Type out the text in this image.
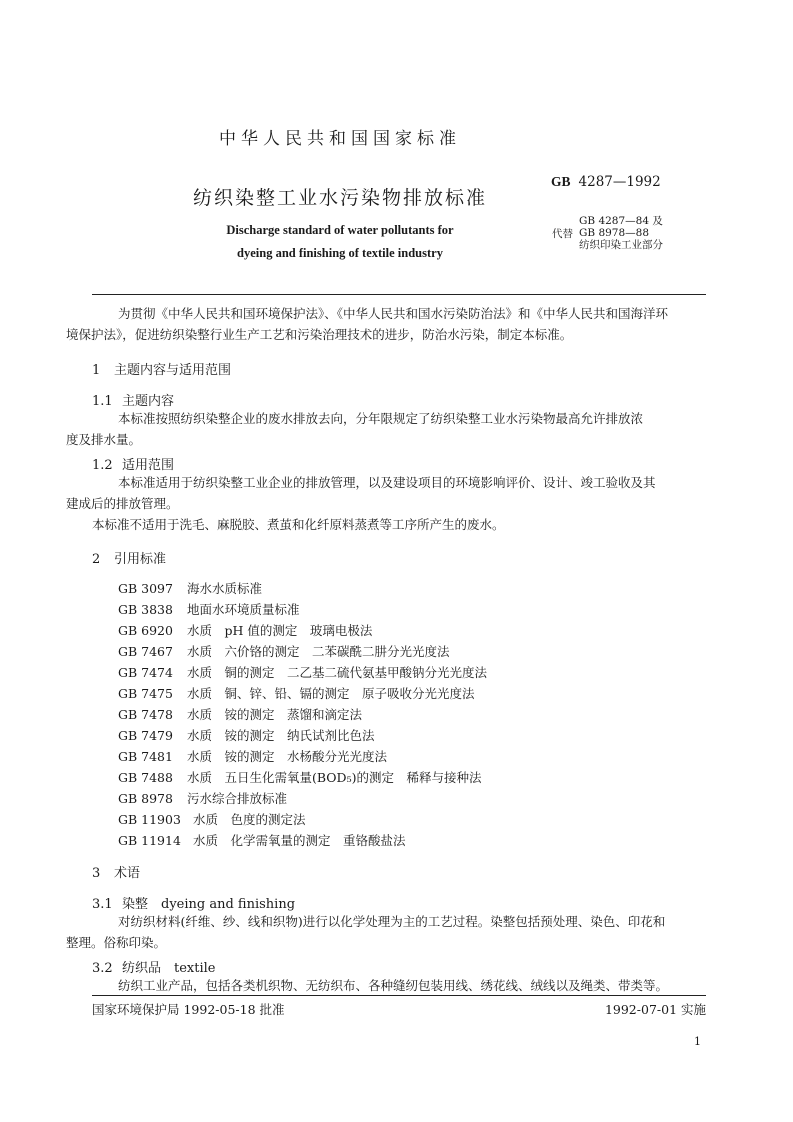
中华人民共和国国家标准
GB 4287—1992
纺织染整工业水污染物排放标准
Discharge standard of water pollutants for
dyeing and finishing of textile industry
代替
GB 4287—84 及
GB 8978—88
纺织印染工业部分
为贯彻《中华人民共和国环境保护法》、《中华人民共和国水污染防治法》和《中华人民共和国海洋环
境保护法》，促进纺织染整行业生产工艺和污染治理技术的进步，防治水污染，制定本标准。
1 主题内容与适用范围
1.1 主题内容
本标准按照纺织染整企业的废水排放去向，分年限规定了纺织染整工业水污染物最高允许排放浓
度及排水量。
1.2 适用范围
本标准适用于纺织染整工业企业的排放管理，以及建设项目的环境影响评价、设计、竣工验收及其
建成后的排放管理。
本标准不适用于洗毛、麻脱胶、煮茧和化纤原料蒸煮等工序所产生的废水。
2 引用标准
GB 3097 海水水质标准
GB 3838 地面水环境质量标准
GB 6920 水质　pH 值的测定　玻璃电极法
GB 7467 水质　六价铬的测定　二苯碳酰二肼分光光度法
GB 7474 水质　铜的测定　二乙基二硫代氨基甲酸钠分光光度法
GB 7475 水质　铜、锌、铅、镉的测定　原子吸收分光光度法
GB 7478 水质　铵的测定　蒸馏和滴定法
GB 7479 水质　铵的测定　纳氏试剂比色法
GB 7481 水质　铵的测定　水杨酸分光光度法
GB 7488 水质　五日生化需氧量(BOD₅)的测定　稀释与接种法
GB 8978 污水综合排放标准
GB 11903 水质　色度的测定法
GB 11914 水质　化学需氧量的测定　重铬酸盐法
3 术语
3.1 染整　dyeing and finishing
对纺织材料(纤维、纱、线和织物)进行以化学处理为主的工艺过程。染整包括预处理、染色、印花和
整理。俗称印染。
3.2 纺织品　textile
纺织工业产品，包括各类机织物、无纺织布、各种缝纫包装用线、绣花线、绒线以及绳类、带类等。
国家环境保护局 1992-05-18 批准	1992-07-01 实施
1
